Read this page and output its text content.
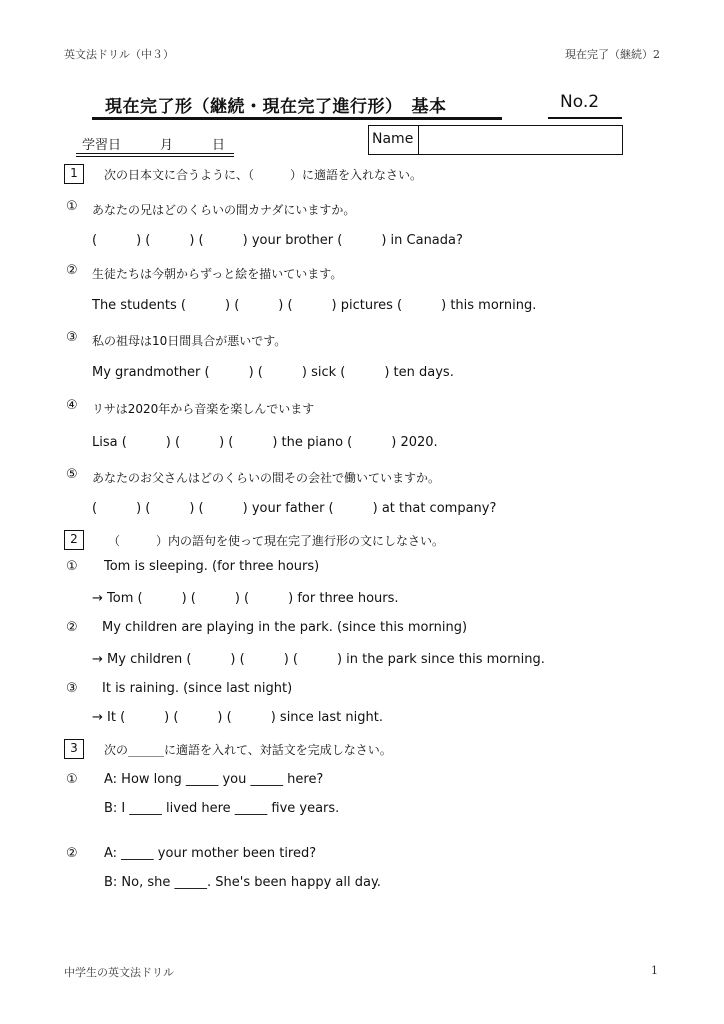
英文法ドリル（中３）	現在完了（継続）2
現在完了形（継続・現在完了進行形）　基本	No.2
学習日	月	日	Name
1	次の日本文に合うように、（　　　）に適語を入れなさい。
① あなたの兄はどのくらいの間カナダにいますか。
(　　　) (　　　) (　　　) your brother (　　　) in Canada?
② 生徒たちは今朝からずっと絵を描いています。
The students (　　　) (　　　) (　　　) pictures (　　　) this morning.
③ 私の祖母は10日間具合が悪いです。
My grandmother (　　　) (　　　) sick (　　　) ten days.
④ リサは2020年から音楽を楽しんでいます
Lisa (　　　) (　　　) (　　　) the piano (　　　) 2020.
⑤ あなたのお父さんはどのくらいの間その会社で働いていますか。
(　　　) (　　　) (　　　) your father (　　　) at that company?
2	（　　　）内の語句を使って現在完了進行形の文にしなさい。
① Tom is sleeping. (for three hours)
→ Tom (　　　) (　　　) (　　　) for three hours.
② My children are playing in the park. (since this morning)
→ My children (　　　) (　　　) (　　　) in the park since this morning.
③ It is raining. (since last night)
→ It (　　　) (　　　) (　　　) since last night.
3	次の______に適語を入れて、対話文を完成しなさい。
① A: How long _____ you _____ here?
B: I _____ lived here _____ five years.
② A: _____ your mother been tired?
B: No, she _____. She's been happy all day.
中学生の英文法ドリル	1
